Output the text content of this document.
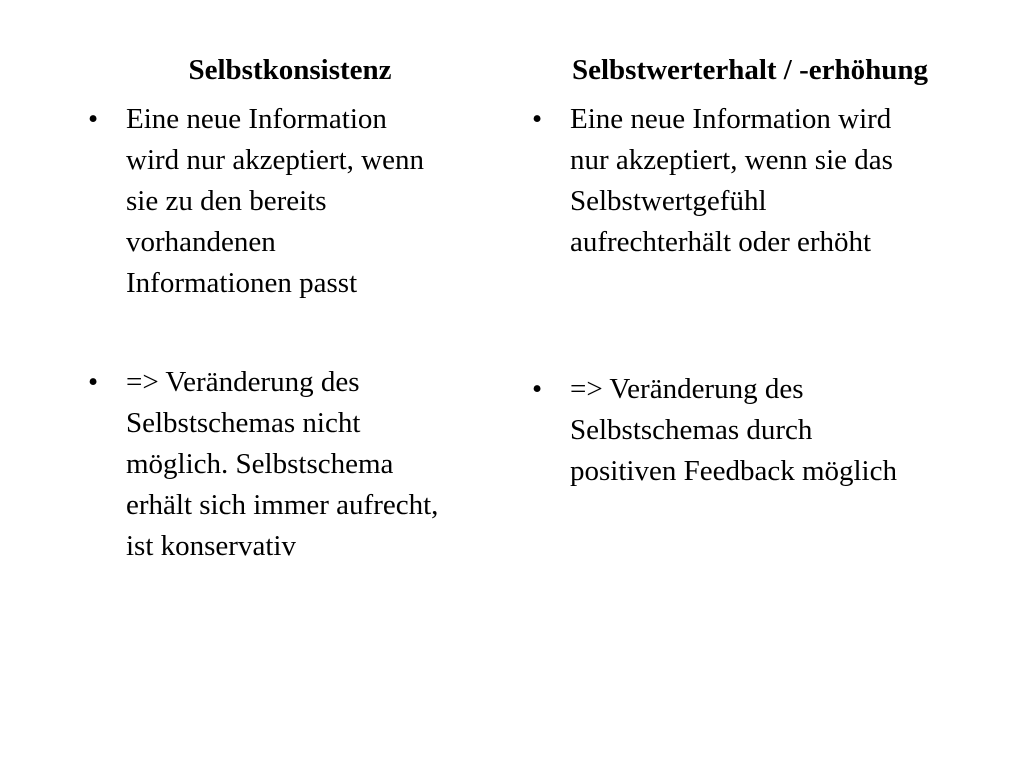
Selbstkonsistenz	Selbstwerterhalt / -erhöhung
• Eine neue Information
wird nur akzeptiert, wenn
sie zu den bereits
vorhandenen
Informationen passt
• => Veränderung des
Selbstschemas nicht
möglich. Selbstschema
erhält sich immer aufrecht,
ist konservativ
• Eine neue Information wird
nur akzeptiert, wenn sie das
Selbstwertgefühl
aufrechterhält oder erhöht
• => Veränderung des
Selbstschemas durch
positiven Feedback möglich
